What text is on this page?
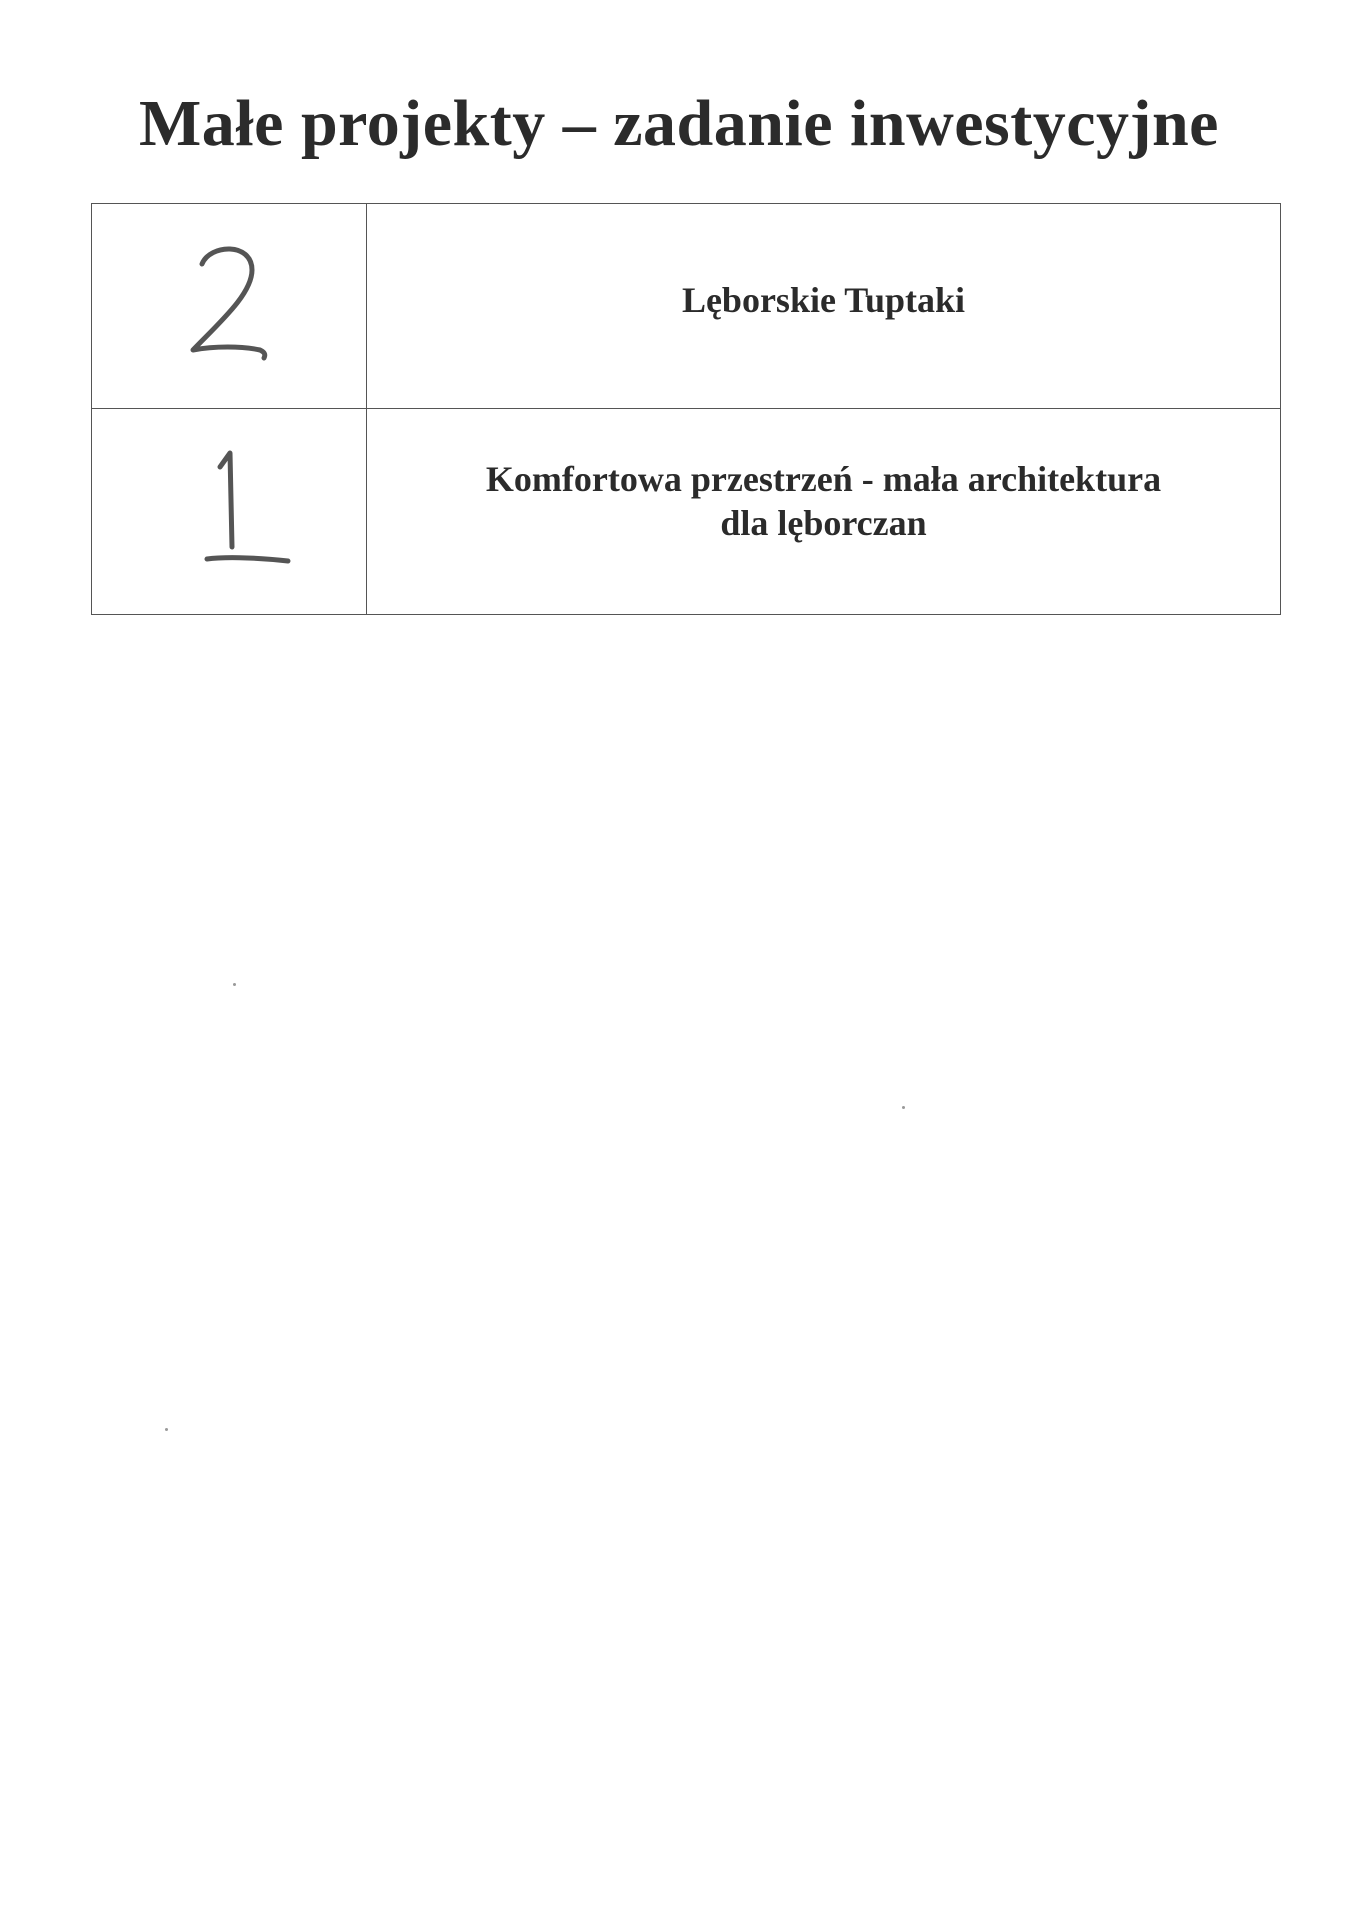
Małe projekty – zadanie inwestycyjne
Lęborskie Tuptaki
Komfortowa przestrzeń - mała architektura
dla lęborczan
